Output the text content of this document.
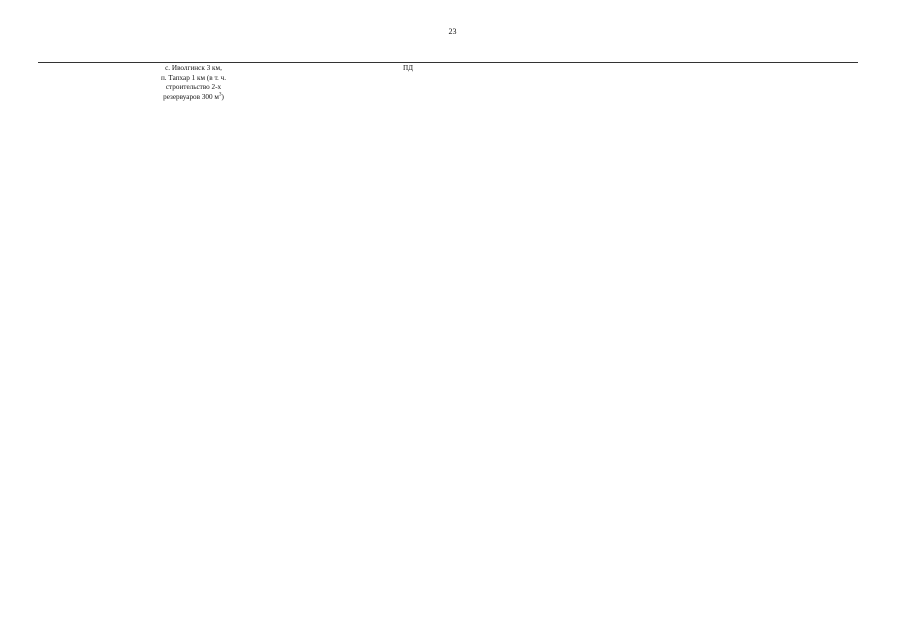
23
с. Иволгинск 3 км,
п. Тапхар 1 км (в т. ч.
строительство 2-х
резервуаров 300 $м^3$)
ПД
